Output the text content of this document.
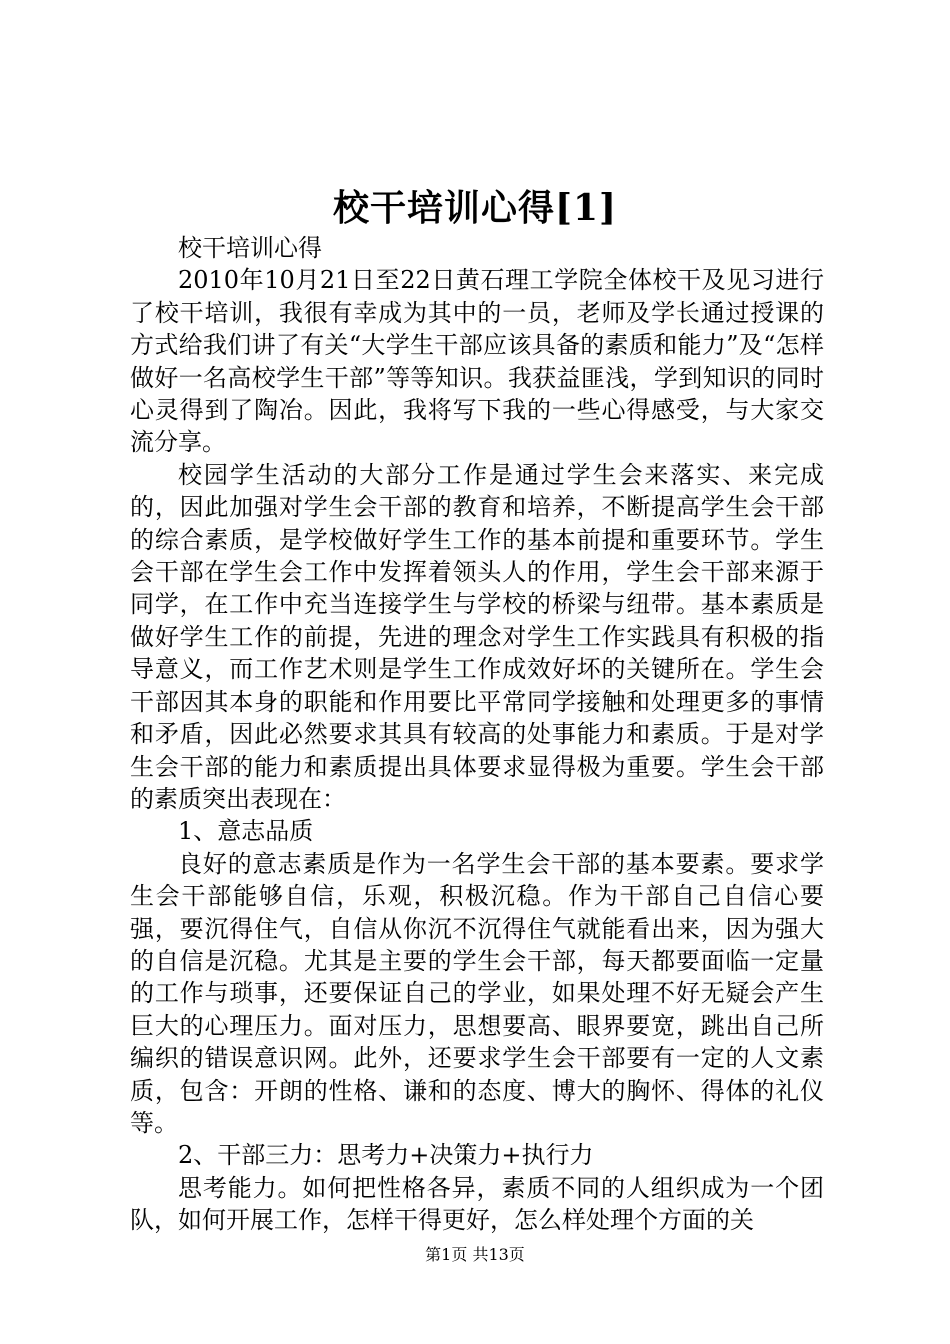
校干培训心得[1]

校干培训心得

2010年10月21日至22日黄石理工学院全体校干及见习进行了校干培训，我很有幸成为其中的一员，老师及学长通过授课的方式给我们讲了有关“大学生干部应该具备的素质和能力”及“怎样做好一名高校学生干部”等等知识。我获益匪浅，学到知识的同时心灵得到了陶冶。因此，我将写下我的一些心得感受，与大家交流分享。

校园学生活动的大部分工作是通过学生会来落实、来完成的，因此加强对学生会干部的教育和培养，不断提高学生会干部的综合素质，是学校做好学生工作的基本前提和重要环节。学生会干部在学生会工作中发挥着领头人的作用，学生会干部来源于同学，在工作中充当连接学生与学校的桥梁与纽带。基本素质是做好学生工作的前提，先进的理念对学生工作实践具有积极的指导意义，而工作艺术则是学生工作成效好坏的关键所在。学生会干部因其本身的职能和作用要比平常同学接触和处理更多的事情和矛盾，因此必然要求其具有较高的处事能力和素质。于是对学生会干部的能力和素质提出具体要求显得极为重要。学生会干部的素质突出表现在：

1、意志品质

良好的意志素质是作为一名学生会干部的基本要素。要求学生会干部能够自信，乐观，积极沉稳。作为干部自己自信心要强，要沉得住气，自信从你沉不沉得住气就能看出来，因为强大的自信是沉稳。尤其是主要的学生会干部，每天都要面临一定量的工作与琐事，还要保证自己的学业，如果处理不好无疑会产生巨大的心理压力。面对压力，思想要高、眼界要宽，跳出自己所编织的错误意识网。此外，还要求学生会干部要有一定的人文素质，包含：开朗的性格、谦和的态度、博大的胸怀、得体的礼仪等。

2、干部三力：思考力+决策力+执行力

思考能力。如何把性格各异，素质不同的人组织成为一个团队，如何开展工作，怎样干得更好，怎么样处理个方面的关

第1页 共13页
